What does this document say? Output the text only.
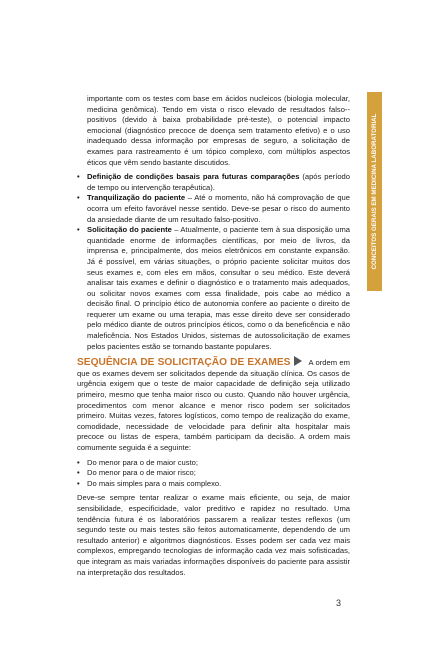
CONCEITOS GERAIS EM MEDICINA LABORATORIAL

importante com os testes com base em ácidos nucleicos (biologia molecular, medicina genômica). Tendo em vista o risco elevado de resultados falso--positivos (devido à baixa probabilidade pré-teste), o potencial impacto emocional (diagnóstico precoce de doença sem tratamento efetivo) e o uso inadequado dessa informação por empresas de seguro, a solicitação de exames para rastreamento é um tópico complexo, com múltiplos aspectos éticos que vêm sendo bastante discutidos.

• Definição de condições basais para futuras comparações (após período de tempo ou intervenção terapêutica).
• Tranquilização do paciente – Até o momento, não há comprovação de que ocorra um efeito favorável nesse sentido. Deve-se pesar o risco do aumento da ansiedade diante de um resultado falso-positivo.
• Solicitação do paciente – Atualmente, o paciente tem à sua disposição uma quantidade enorme de informações científicas, por meio de livros, da imprensa e, principalmente, dos meios eletrônicos em constante expansão. Já é possível, em várias situações, o próprio paciente solicitar muitos dos seus exames e, com eles em mãos, consultar o seu médico. Este deverá analisar tais exames e definir o diagnóstico e o tratamento mais adequados, ou solicitar novos exames com essa finalidade, pois cabe ao médico a decisão final. O princípio ético de autonomia confere ao paciente o direito de requerer um exame ou uma terapia, mas esse direito deve ser considerado pelo médico diante de outros princípios éticos, como o da beneficência e não maleficência. Nos Estados Unidos, sistemas de autossolicitação de exames pelos pacientes estão se tornando bastante populares.

SEQUÊNCIA DE SOLICITAÇÃO DE EXAMES A ordem em que os exames devem ser solicitados depende da situação clínica. Os casos de urgência exigem que o teste de maior capacidade de definição seja utilizado primeiro, mesmo que tenha maior risco ou custo. Quando não houver urgência, procedimentos com menor alcance e menor risco podem ser solicitados primeiro. Muitas vezes, fatores logísticos, como tempo de realização do exame, comodidade, necessidade de velocidade para definir alta hospitalar mais precoce ou listas de espera, também participam da decisão. A ordem mais comumente seguida é a seguinte:

• Do menor para o de maior custo;
• Do menor para o de maior risco;
• Do mais simples para o mais complexo.

Deve-se sempre tentar realizar o exame mais eficiente, ou seja, de maior sensibilidade, especificidade, valor preditivo e rapidez no resultado. Uma tendência futura é os laboratórios passarem a realizar testes reflexos (um segundo teste ou mais testes são feitos automaticamente, dependendo de um resultado anterior) e algoritmos diagnósticos. Esses podem ser cada vez mais complexos, empregando tecnologias de informação cada vez mais sofisticadas, que integram as mais variadas informações disponíveis do paciente para assistir na interpretação dos resultados.

3
